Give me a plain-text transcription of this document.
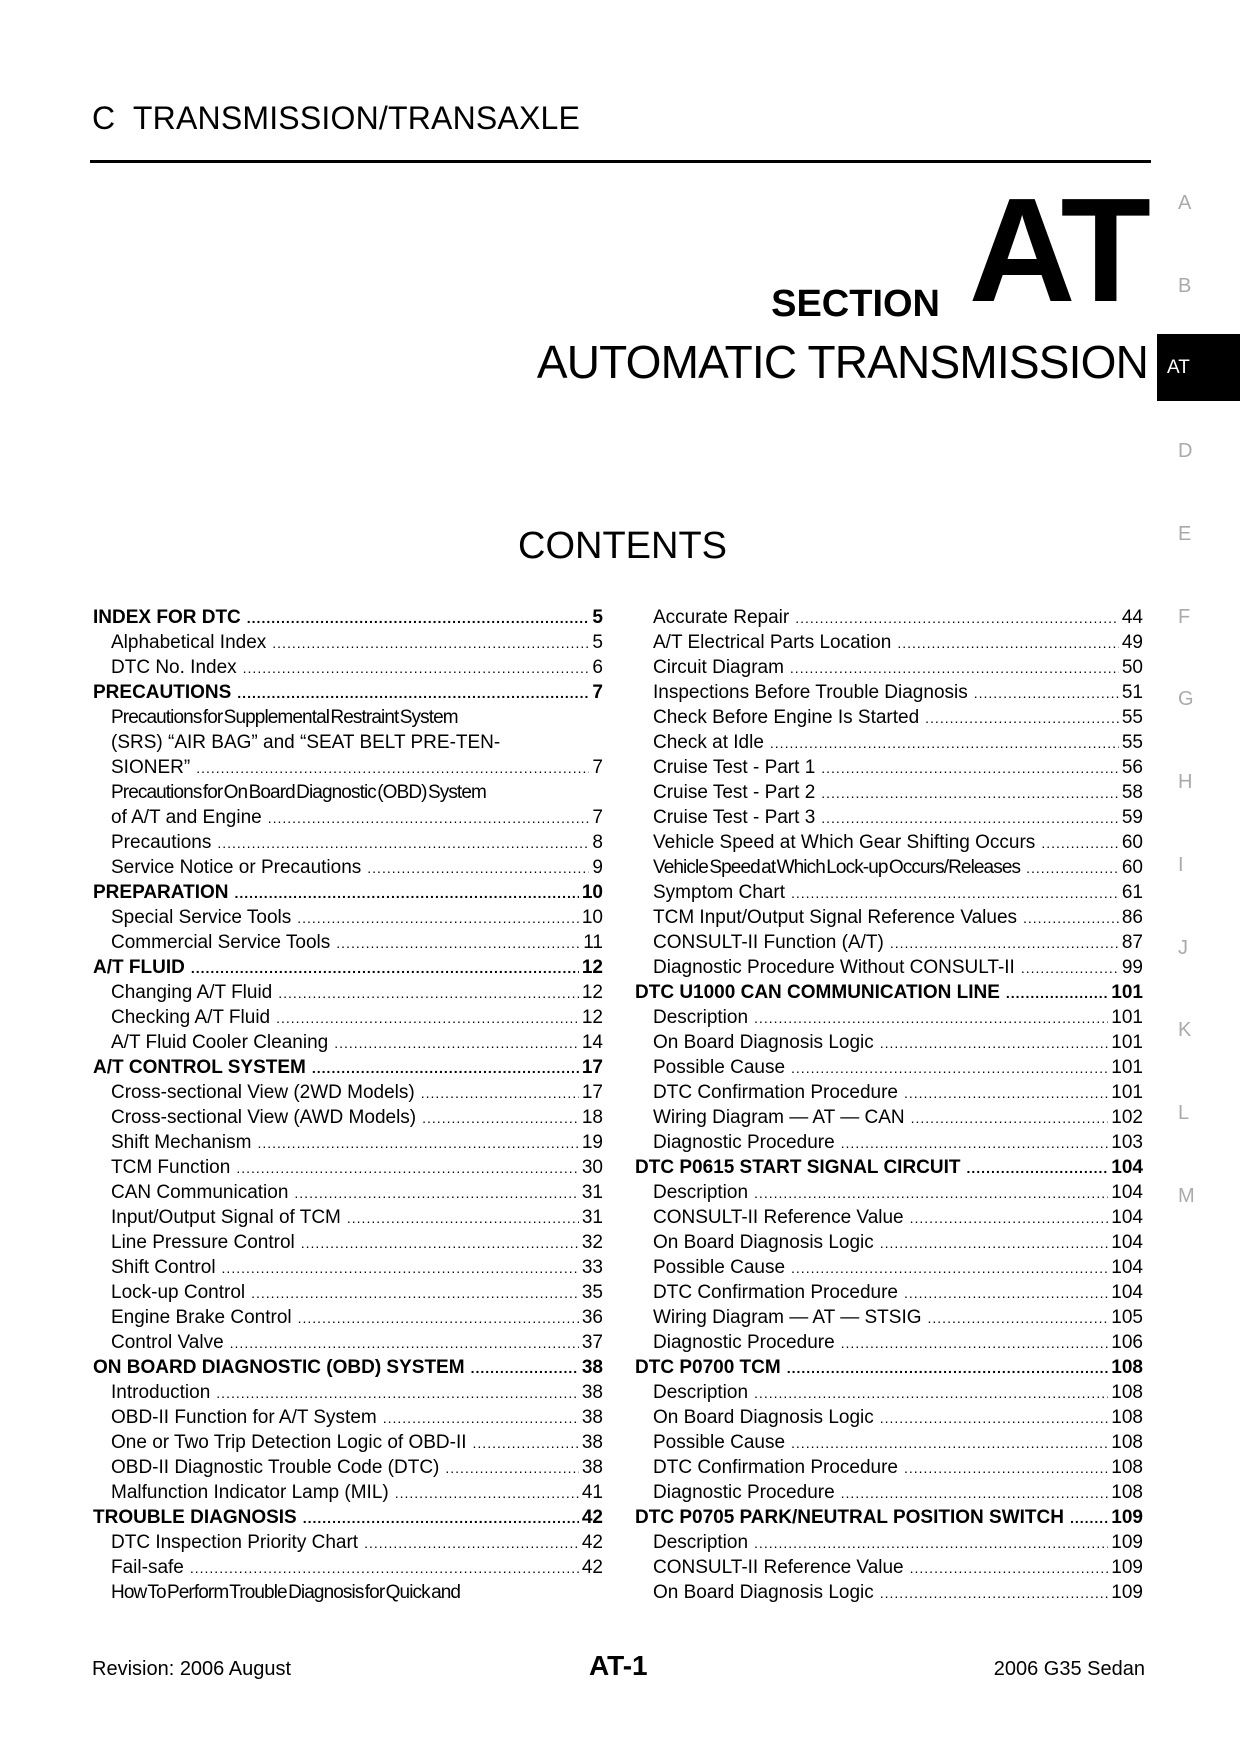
C  TRANSMISSION/TRANSAXLE
SECTION AT
AUTOMATIC TRANSMISSION
CONTENTS
A
B
AT
D
E
F
G
H
I
J
K
L
M
INDEX FOR DTC .....	5
Alphabetical Index .....	5
DTC No. Index .....	6
PRECAUTIONS .....	7
Precautions for Supplemental Restraint System
(SRS) “AIR BAG” and “SEAT BELT PRE-TEN-
SIONER” .....	7
Precautions for On Board Diagnostic (OBD) System
of A/T and Engine .....	7
Precautions .....	8
Service Notice or Precautions .....	9
PREPARATION .....	10
Special Service Tools .....	10
Commercial Service Tools .....	11
A/T FLUID .....	12
Changing A/T Fluid .....	12
Checking A/T Fluid .....	12
A/T Fluid Cooler Cleaning .....	14
A/T CONTROL SYSTEM .....	17
Cross-sectional View (2WD Models) .....	17
Cross-sectional View (AWD Models) .....	18
Shift Mechanism .....	19
TCM Function .....	30
CAN Communication .....	31
Input/Output Signal of TCM .....	31
Line Pressure Control .....	32
Shift Control .....	33
Lock-up Control .....	35
Engine Brake Control .....	36
Control Valve .....	37
ON BOARD DIAGNOSTIC (OBD) SYSTEM .....	38
Introduction .....	38
OBD-II Function for A/T System .....	38
One or Two Trip Detection Logic of OBD-II .....	38
OBD-II Diagnostic Trouble Code (DTC) .....	38
Malfunction Indicator Lamp (MIL) .....	41
TROUBLE DIAGNOSIS .....	42
DTC Inspection Priority Chart .....	42
Fail-safe .....	42
How To Perform Trouble Diagnosis for Quick and
Accurate Repair .....	44
A/T Electrical Parts Location .....	49
Circuit Diagram .....	50
Inspections Before Trouble Diagnosis .....	51
Check Before Engine Is Started .....	55
Check at Idle .....	55
Cruise Test - Part 1 .....	56
Cruise Test - Part 2 .....	58
Cruise Test - Part 3 .....	59
Vehicle Speed at Which Gear Shifting Occurs .....	60
Vehicle Speed at Which Lock-up Occurs/Releases .....	60
Symptom Chart .....	61
TCM Input/Output Signal Reference Values .....	86
CONSULT-II Function (A/T) .....	87
Diagnostic Procedure Without CONSULT-II .....	99
DTC U1000 CAN COMMUNICATION LINE .....	101
Description .....	101
On Board Diagnosis Logic .....	101
Possible Cause .....	101
DTC Confirmation Procedure .....	101
Wiring Diagram — AT — CAN .....	102
Diagnostic Procedure .....	103
DTC P0615 START SIGNAL CIRCUIT .....	104
Description .....	104
CONSULT-II Reference Value .....	104
On Board Diagnosis Logic .....	104
Possible Cause .....	104
DTC Confirmation Procedure .....	104
Wiring Diagram — AT — STSIG .....	105
Diagnostic Procedure .....	106
DTC P0700 TCM .....	108
Description .....	108
On Board Diagnosis Logic .....	108
Possible Cause .....	108
DTC Confirmation Procedure .....	108
Diagnostic Procedure .....	108
DTC P0705 PARK/NEUTRAL POSITION SWITCH ..... 109
Description .....	109
CONSULT-II Reference Value .....	109
On Board Diagnosis Logic .....	109
Revision: 2006 August	AT-1	2006 G35 Sedan
